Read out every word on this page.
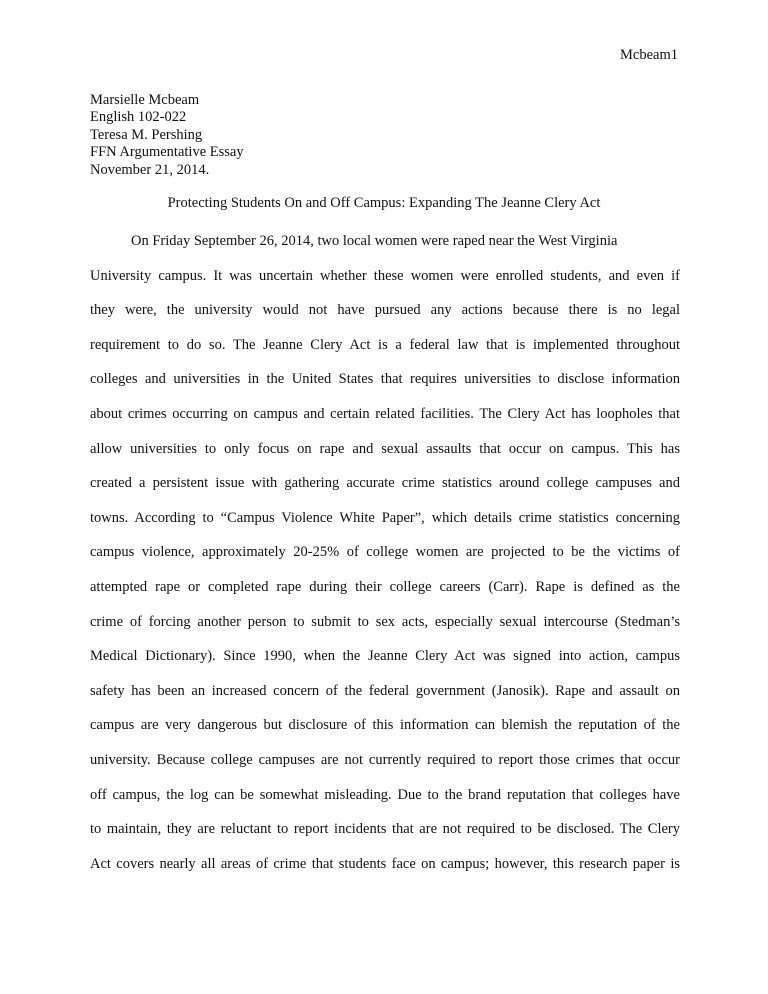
Mcbeam1
Marsielle Mcbeam
English 102-022
Teresa M. Pershing
FFN Argumentative Essay
November 21, 2014.
Protecting Students On and Off Campus: Expanding The Jeanne Clery Act
On Friday September 26, 2014, two local women were raped near the West Virginia
University campus. It was uncertain whether these women were enrolled students, and even if
they were, the university would not have pursued any actions because there is no legal
requirement to do so. The Jeanne Clery Act is a federal law that is implemented throughout
colleges and universities in the United States that requires universities to disclose information
about crimes occurring on campus and certain related facilities. The Clery Act has loopholes that
allow universities to only focus on rape and sexual assaults that occur on campus. This has
created a persistent issue with gathering accurate crime statistics around college campuses and
towns. According to “Campus Violence White Paper”, which details crime statistics concerning
campus violence, approximately 20-25% of college women are projected to be the victims of
attempted rape or completed rape during their college careers (Carr). Rape is defined as the
crime of forcing another person to submit to sex acts, especially sexual intercourse (Stedman’s
Medical Dictionary). Since 1990, when the Jeanne Clery Act was signed into action, campus
safety has been an increased concern of the federal government (Janosik). Rape and assault on
campus are very dangerous but disclosure of this information can blemish the reputation of the
university. Because college campuses are not currently required to report those crimes that occur
off campus, the log can be somewhat misleading. Due to the brand reputation that colleges have
to maintain, they are reluctant to report incidents that are not required to be disclosed. The Clery
Act covers nearly all areas of crime that students face on campus; however, this research paper is
